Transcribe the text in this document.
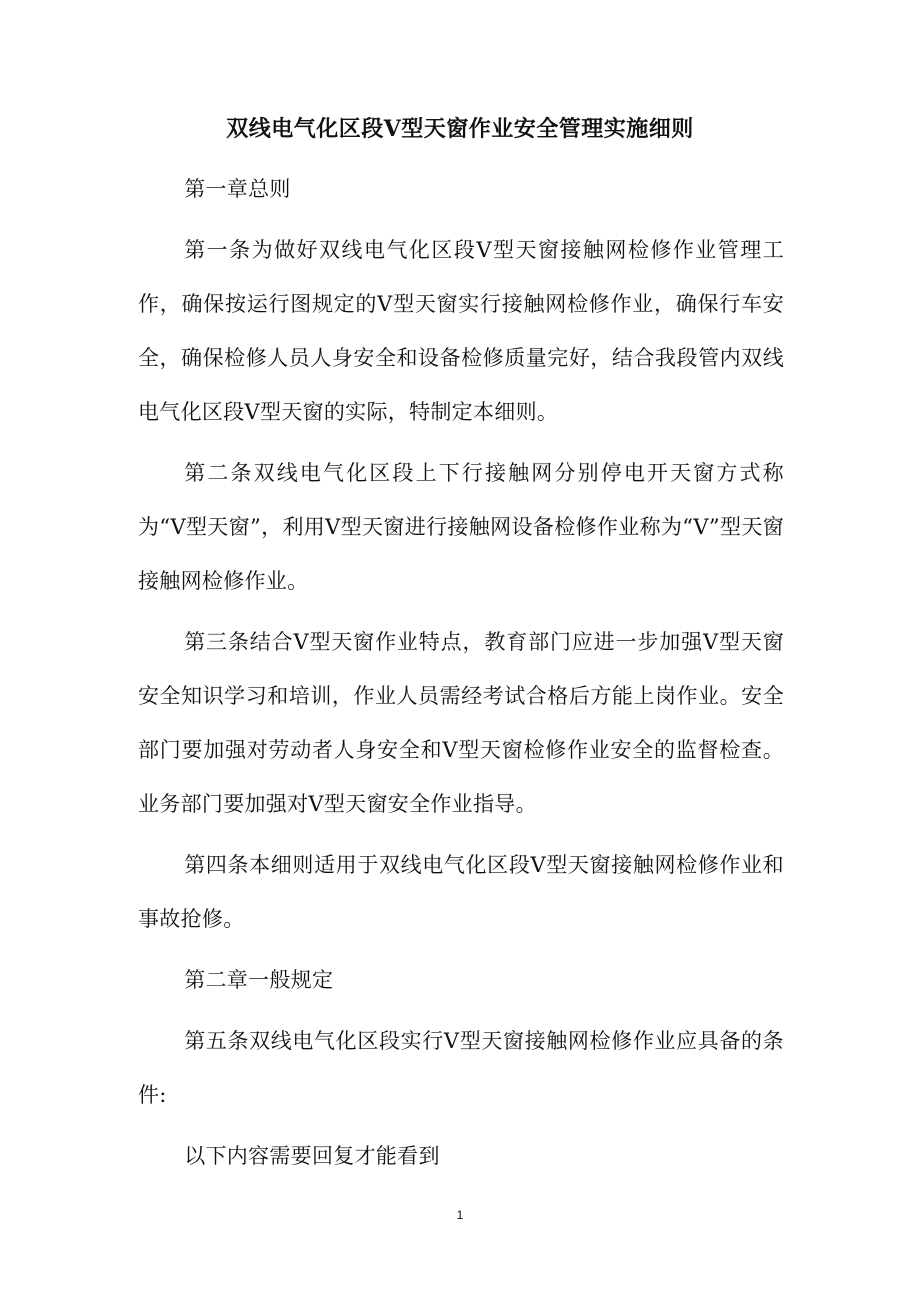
双线电气化区段Ⅴ型天窗作业安全管理实施细则

第一章总则

第一条为做好双线电气化区段Ⅴ型天窗接触网检修作业管理工作，确保按运行图规定的Ⅴ型天窗实行接触网检修作业，确保行车安全，确保检修人员人身安全和设备检修质量完好，结合我段管内双线电气化区段Ⅴ型天窗的实际，特制定本细则。

第二条双线电气化区段上下行接触网分别停电开天窗方式称为“Ⅴ型天窗”，利用Ⅴ型天窗进行接触网设备检修作业称为“Ⅴ”型天窗接触网检修作业。

第三条结合Ⅴ型天窗作业特点，教育部门应进一步加强Ⅴ型天窗安全知识学习和培训，作业人员需经考试合格后方能上岗作业。安全部门要加强对劳动者人身安全和Ⅴ型天窗检修作业安全的监督检查。业务部门要加强对Ⅴ型天窗安全作业指导。

第四条本细则适用于双线电气化区段Ⅴ型天窗接触网检修作业和事故抢修。

第二章一般规定

第五条双线电气化区段实行Ⅴ型天窗接触网检修作业应具备的条件:

以下内容需要回复才能看到

1
